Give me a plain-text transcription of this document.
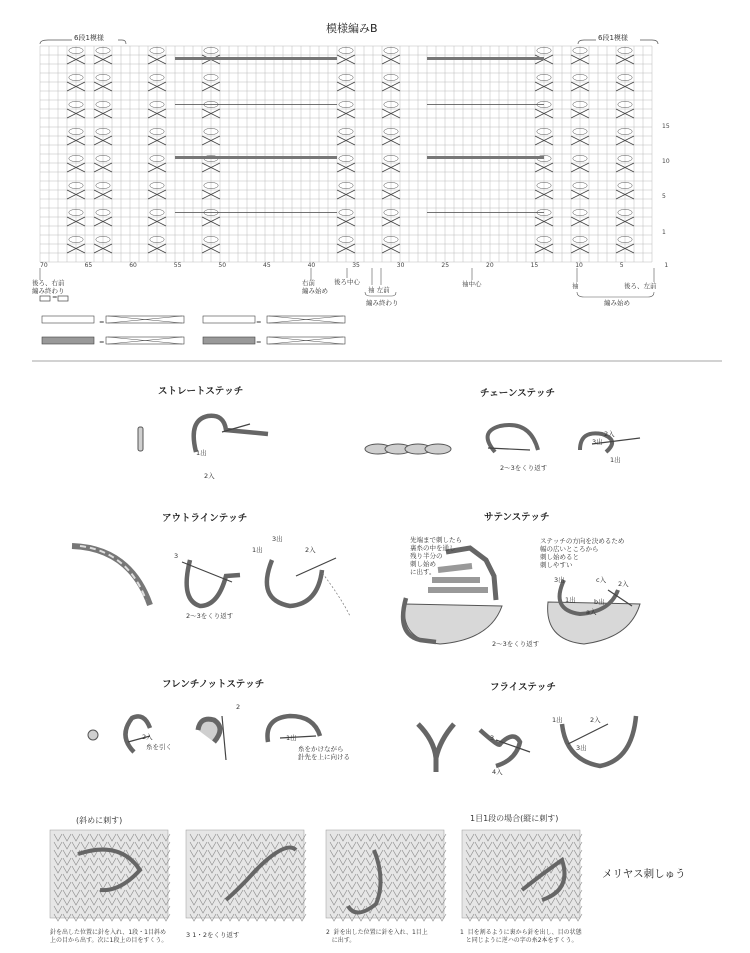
模様編みB
6段1模様	6段1模様
15
10
5
1
70	65	60	55	50	45	40	35	30	25	20	15	10	5	1
後ろ、右前
編み終わり
右前
編み始め
後ろ中心
袖 左前
編み終わり
袖中心	袖	後ろ、左前
編み始め
=
=	=
=	=
ストレートステッチ
1出
2入
チェーンステッチ
3出
2入
1出
2〜3をくり返す
アウトラインテッチ
3
1出
3出
2入
2〜3をくり返す
サテンステッチ
先端まで刺したら
裏糸の中を通し
残り半分の
刺し始め
に出す。
ステッチの方向を決めるため
幅の広いところから
刺し始めると
刺しやすい
3出	c入 2入
1出	b出
a入
2〜3をくり返す
フレンチノットステッチ
2入
糸を引く
2
1出
糸をかけながら
針先を上に向ける
フライステッチ
1出	2入
3
4入
3出
(斜めに刺す)	1目1段の場合(縦に刺す)
メリヤス刺しゅう
針を出した位置に針を入れ、1段・1目斜め
上の目から出す。次に1段上の目をすくう。
3 1・2をくり返す	2  針を出した位置に針を入れ、1目上
に出す。
1  目を割るように裏から針を出し、目の状態
と同じように逆ハの字の糸2本をすくう。
